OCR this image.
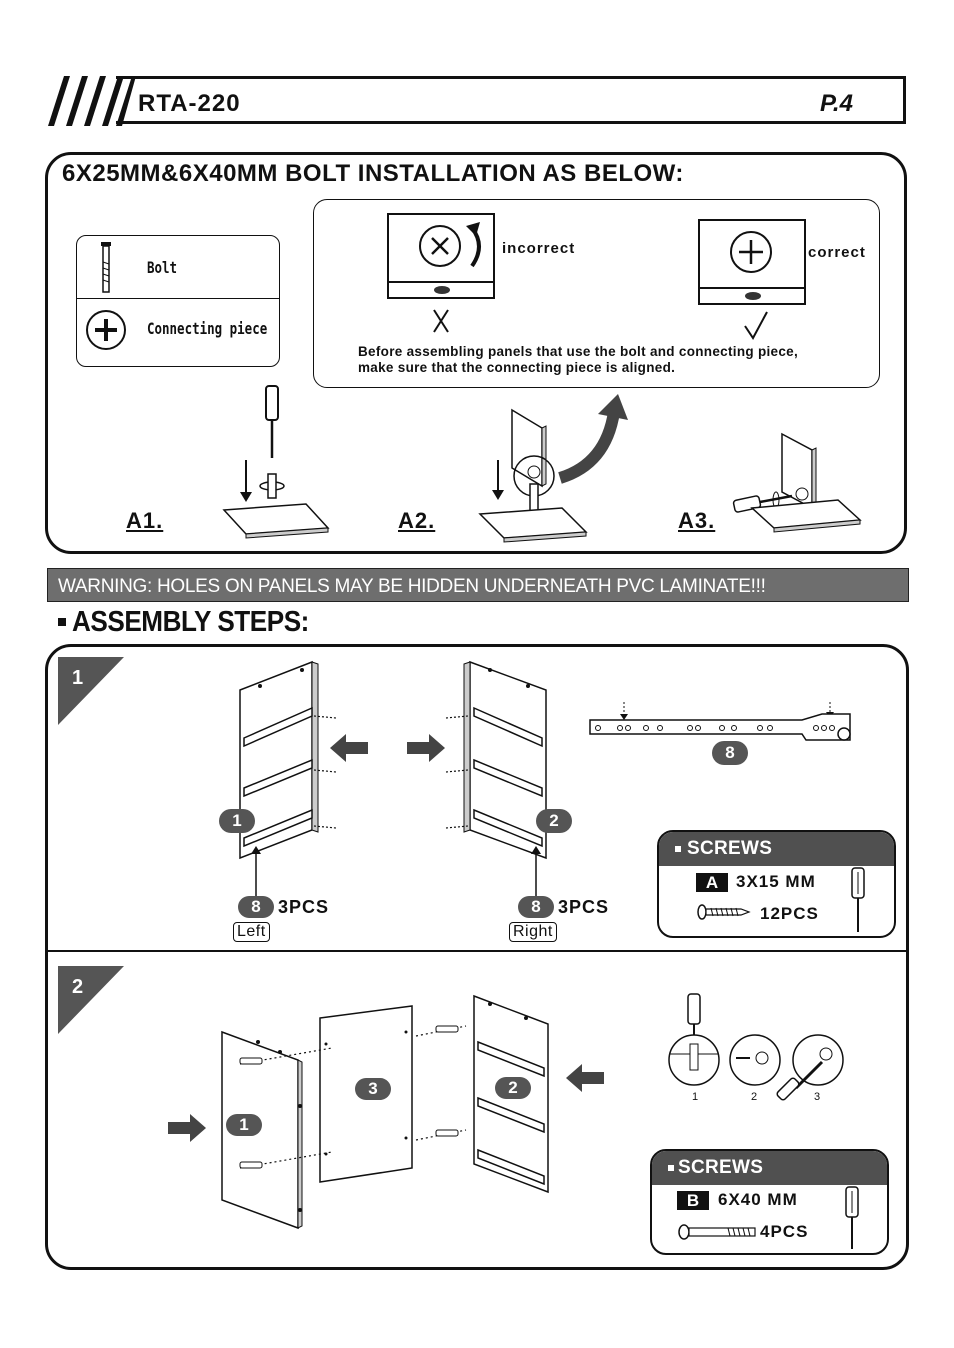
RTA-220	P.4
6X25MM&6X40MM BOLT INSTALLATION AS BELOW:
Bolt
Connecting piece
incorrect	correct
Before assembling panels that use the bolt and connecting piece,
make sure that the connecting piece is aligned.
A1.	A2.	A3.
WARNING: HOLES ON PANELS MAY BE HIDDEN UNDERNEATH PVC LAMINATE!!!
ASSEMBLY STEPS:
1
1	2
8
8 3PCS
Left
8 3PCS
Right
SCREWS
A	3X15 MM
12PCS
2
1
3	2	1	2	3
SCREWS
B	6X40 MM
4PCS
